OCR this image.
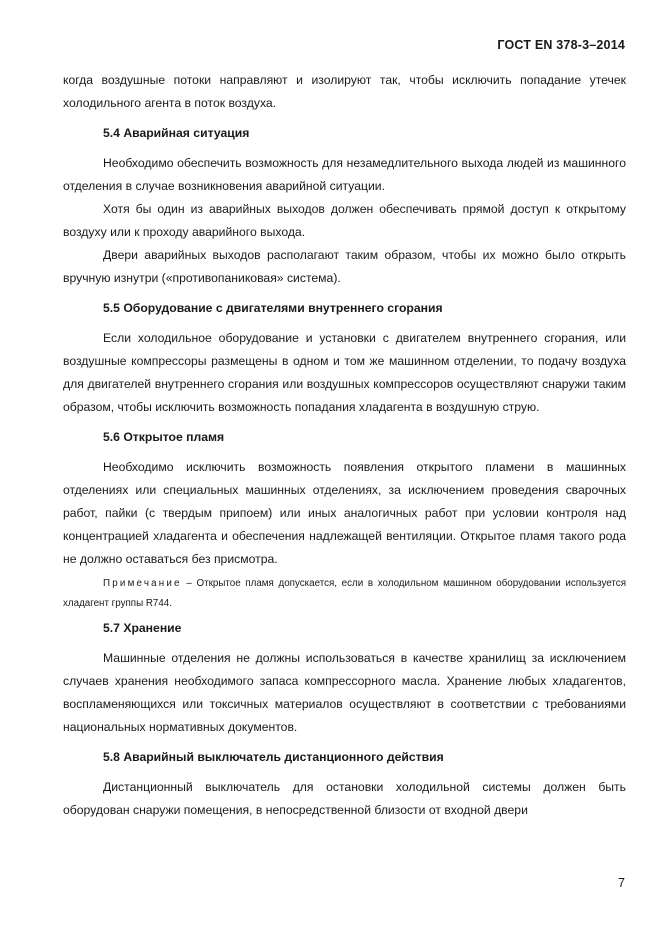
ГОСТ EN 378-3–2014

когда воздушные потоки направляют и изолируют так, чтобы исключить попадание утечек холодильного агента в поток воздуха.

5.4 Аварийная ситуация

Необходимо обеспечить возможность для незамедлительного выхода людей из машинного отделения в случае возникновения аварийной ситуации.

Хотя бы один из аварийных выходов должен обеспечивать прямой доступ к открытому воздуху или к проходу аварийного выхода.

Двери аварийных выходов располагают таким образом, чтобы их можно было открыть вручную изнутри («противопаниковая» система).

5.5 Оборудование с двигателями внутреннего сгорания

Если холодильное оборудование и установки с двигателем внутреннего сгорания, или воздушные компрессоры размещены в одном и том же машинном отделении, то подачу воздуха для двигателей внутреннего сгорания или воздушных компрессоров осуществляют снаружи таким образом, чтобы исключить возможность попадания хладагента в воздушную струю.

5.6 Открытое пламя

Необходимо исключить возможность появления открытого пламени в машинных отделениях или специальных машинных отделениях, за исключением проведения сварочных работ, пайки (с твердым припоем) или иных аналогичных работ при условии контроля над концентрацией хладагента и обеспечения надлежащей вентиляции. Открытое пламя такого рода не должно оставаться без присмотра.

Примечание – Открытое пламя допускается, если в холодильном машинном оборудовании используется хладагент группы R744.

5.7 Хранение

Машинные отделения не должны использоваться в качестве хранилищ за исключением случаев хранения необходимого запаса компрессорного масла. Хранение любых хладагентов, воспламеняющихся или токсичных материалов осуществляют в соответствии с требованиями национальных нормативных документов.

5.8 Аварийный выключатель дистанционного действия

Дистанционный выключатель для остановки холодильной системы должен быть оборудован снаружи помещения, в непосредственной близости от входной двери

7
